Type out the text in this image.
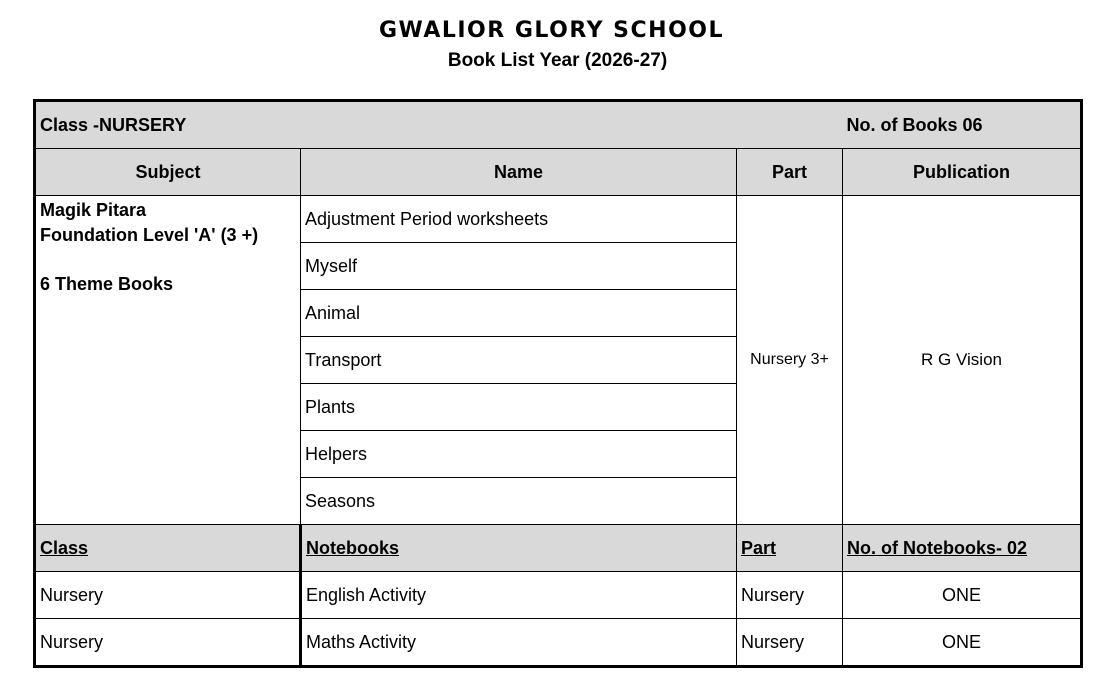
GWALIOR GLORY SCHOOL
Book List Year (2026-27)
Class -NURSERY			No. of Books 06
Subject	Name	Part	Publication

Magik Pitara
Foundation Level 'A' (3 +)
6 Theme Books	Adjustment Period worksheets	Nursery 3+	R G Vision
	Myself		
	Animal		
	Transport		
	Plants		
	Helpers		
	Seasons		
Class	Notebooks	Part	No. of Notebooks- 02
Nursery	English Activity	Nursery	ONE
Nursery	Maths Activity	Nursery	ONE
